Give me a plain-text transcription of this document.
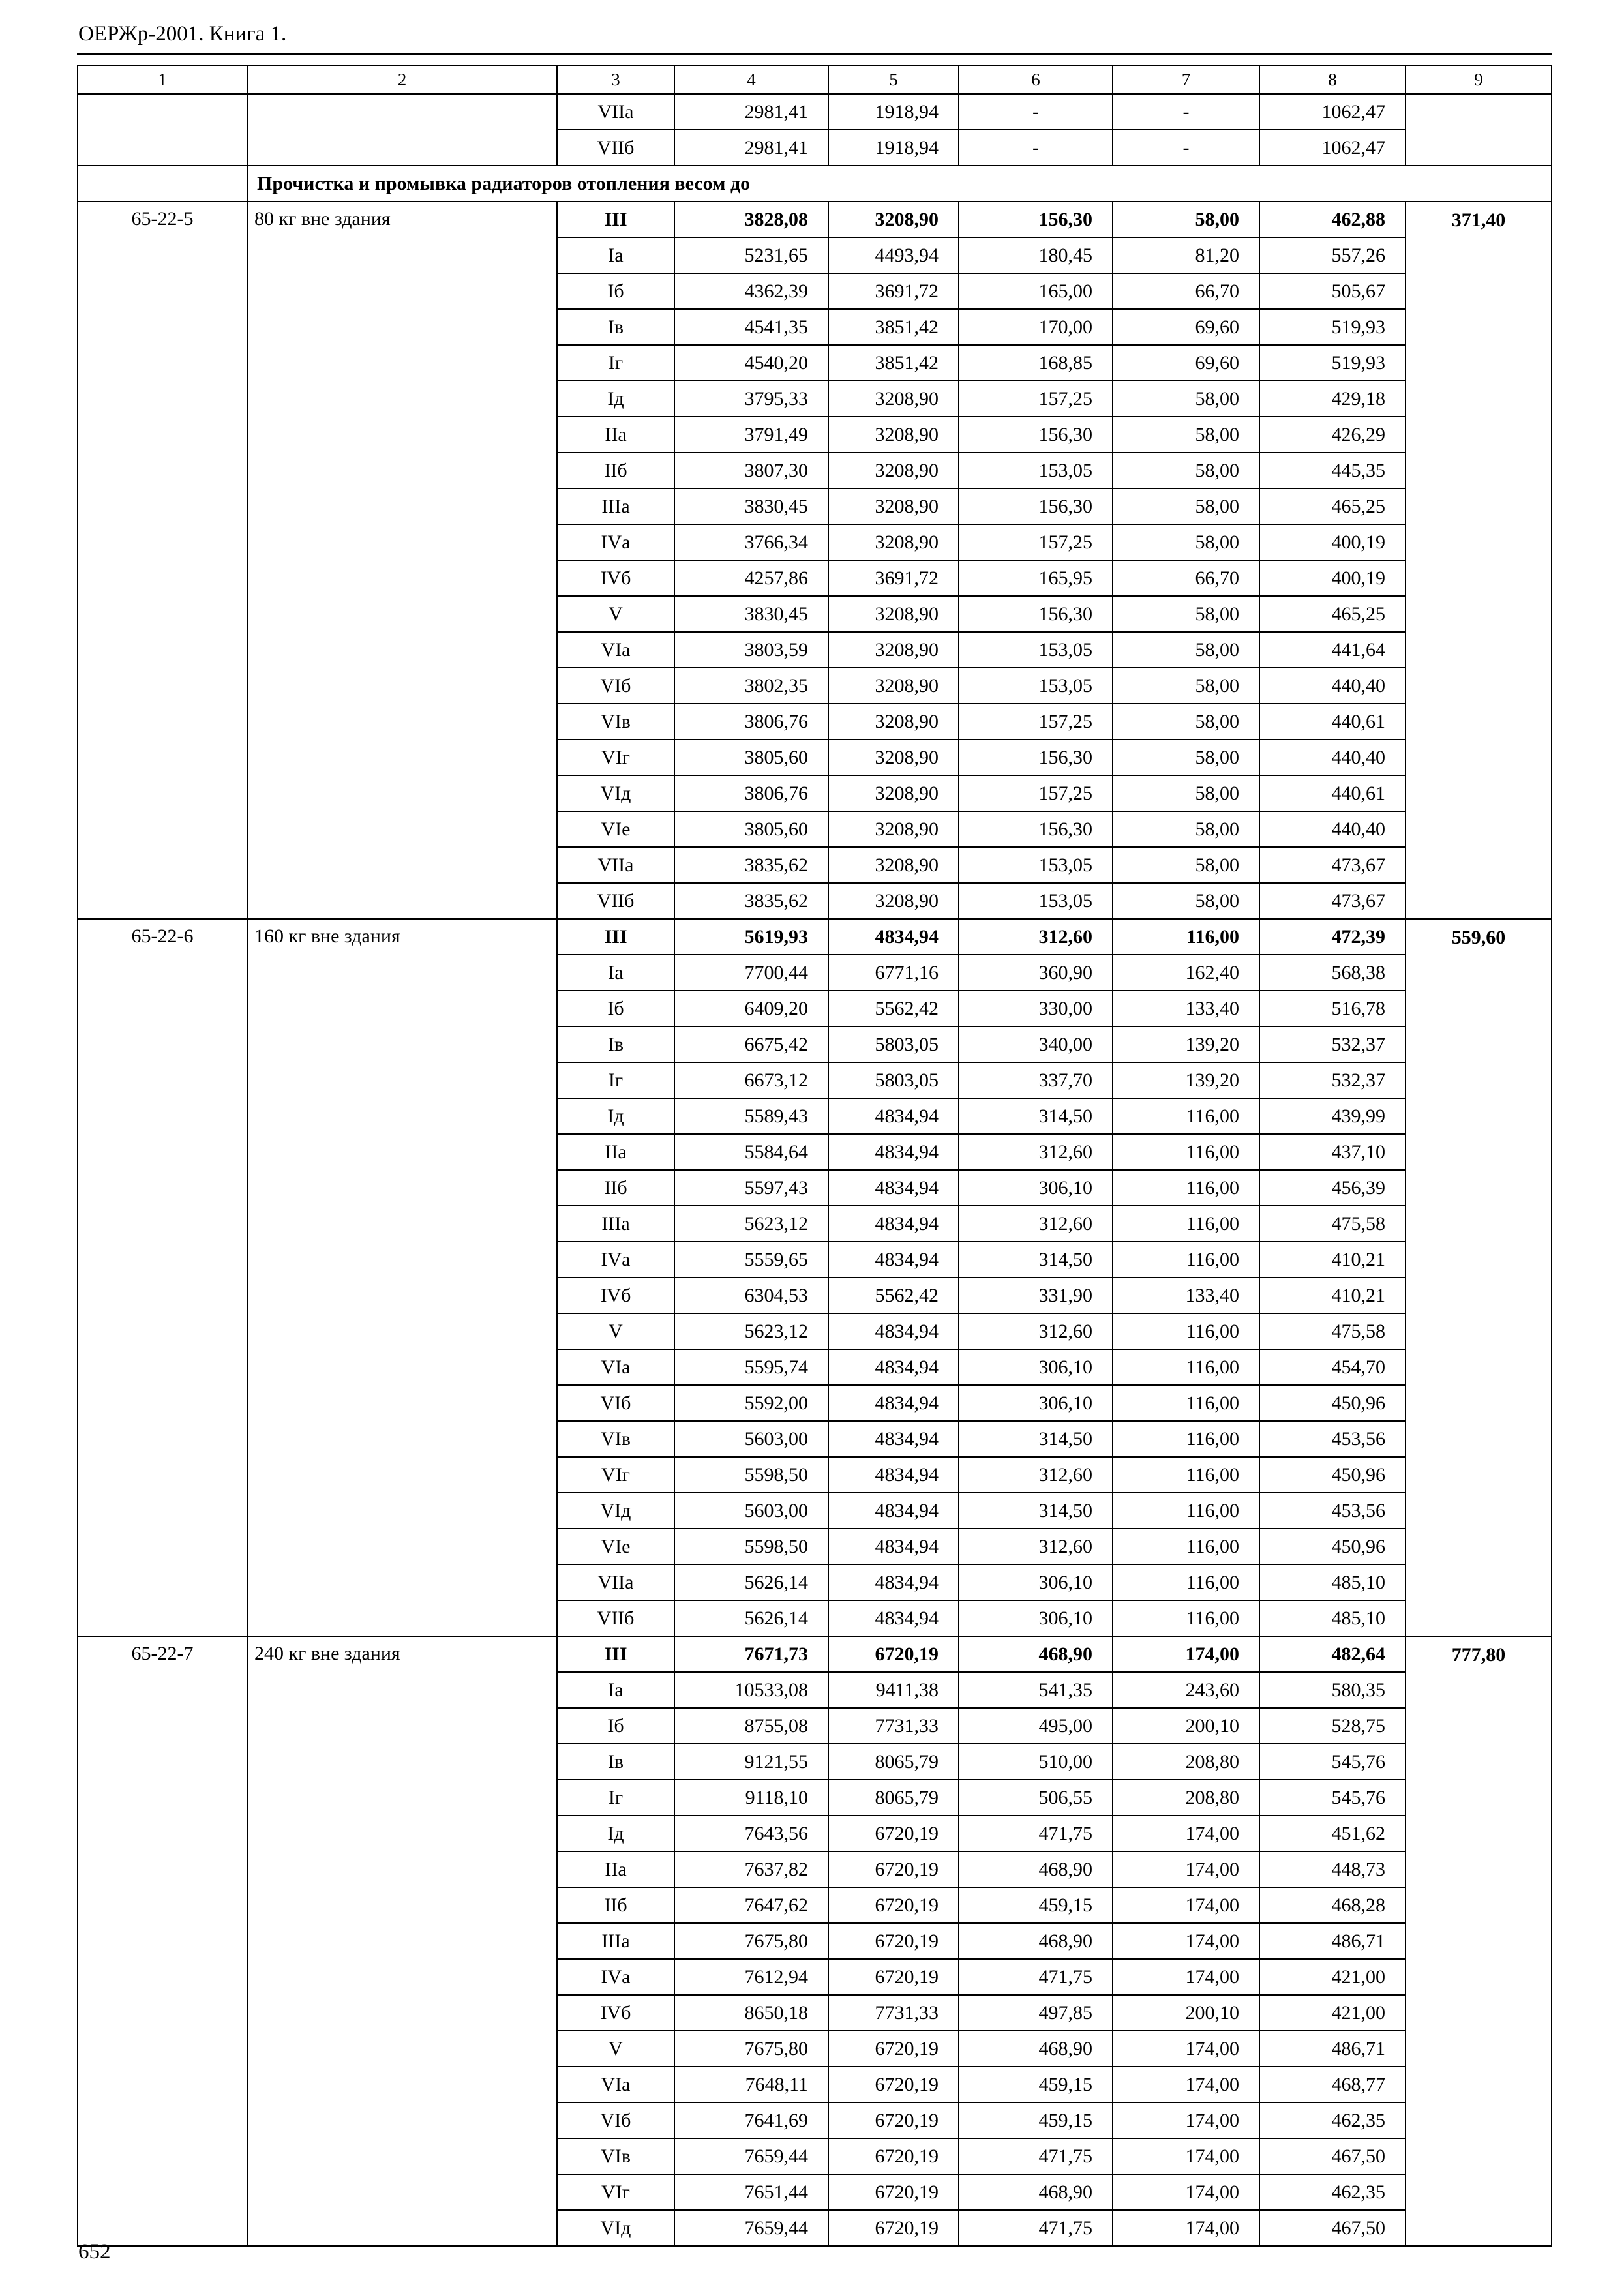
ОЕРЖр-2001. Книга 1.
1	2	3	4	5	6	7	8	9
		VIIа	2981,41	1918,94	-	-	1062,47	
		VIIб	2981,41	1918,94	-	-	1062,47	
	Прочистка и промывка радиаторов отопления весом до							
65-22-5	80 кг вне здания	III	3828,08	3208,90	156,30	58,00	462,88	371,40
		Iа	5231,65	4493,94	180,45	81,20	557,26	
		Iб	4362,39	3691,72	165,00	66,70	505,67	
		Iв	4541,35	3851,42	170,00	69,60	519,93	
		Iг	4540,20	3851,42	168,85	69,60	519,93	
		Iд	3795,33	3208,90	157,25	58,00	429,18	
		IIа	3791,49	3208,90	156,30	58,00	426,29	
		IIб	3807,30	3208,90	153,05	58,00	445,35	
		IIIа	3830,45	3208,90	156,30	58,00	465,25	
		IVа	3766,34	3208,90	157,25	58,00	400,19	
		IVб	4257,86	3691,72	165,95	66,70	400,19	
		V	3830,45	3208,90	156,30	58,00	465,25	
		VIа	3803,59	3208,90	153,05	58,00	441,64	
		VIб	3802,35	3208,90	153,05	58,00	440,40	
		VIв	3806,76	3208,90	157,25	58,00	440,61	
		VIг	3805,60	3208,90	156,30	58,00	440,40	
		VIд	3806,76	3208,90	157,25	58,00	440,61	
		VIе	3805,60	3208,90	156,30	58,00	440,40	
		VIIа	3835,62	3208,90	153,05	58,00	473,67	
		VIIб	3835,62	3208,90	153,05	58,00	473,67	
65-22-6	160 кг вне здания	III	5619,93	4834,94	312,60	116,00	472,39	559,60
		Iа	7700,44	6771,16	360,90	162,40	568,38	
		Iб	6409,20	5562,42	330,00	133,40	516,78	
		Iв	6675,42	5803,05	340,00	139,20	532,37	
		Iг	6673,12	5803,05	337,70	139,20	532,37	
		Iд	5589,43	4834,94	314,50	116,00	439,99	
		IIа	5584,64	4834,94	312,60	116,00	437,10	
		IIб	5597,43	4834,94	306,10	116,00	456,39	
		IIIа	5623,12	4834,94	312,60	116,00	475,58	
		IVа	5559,65	4834,94	314,50	116,00	410,21	
		IVб	6304,53	5562,42	331,90	133,40	410,21	
		V	5623,12	4834,94	312,60	116,00	475,58	
		VIа	5595,74	4834,94	306,10	116,00	454,70	
		VIб	5592,00	4834,94	306,10	116,00	450,96	
		VIв	5603,00	4834,94	314,50	116,00	453,56	
		VIг	5598,50	4834,94	312,60	116,00	450,96	
		VIд	5603,00	4834,94	314,50	116,00	453,56	
		VIе	5598,50	4834,94	312,60	116,00	450,96	
		VIIа	5626,14	4834,94	306,10	116,00	485,10	
		VIIб	5626,14	4834,94	306,10	116,00	485,10	
65-22-7	240 кг вне здания	III	7671,73	6720,19	468,90	174,00	482,64	777,80
		Iа	10533,08	9411,38	541,35	243,60	580,35	
		Iб	8755,08	7731,33	495,00	200,10	528,75	
		Iв	9121,55	8065,79	510,00	208,80	545,76	
		Iг	9118,10	8065,79	506,55	208,80	545,76	
		Iд	7643,56	6720,19	471,75	174,00	451,62	
		IIа	7637,82	6720,19	468,90	174,00	448,73	
		IIб	7647,62	6720,19	459,15	174,00	468,28	
		IIIа	7675,80	6720,19	468,90	174,00	486,71	
		IVа	7612,94	6720,19	471,75	174,00	421,00	
		IVб	8650,18	7731,33	497,85	200,10	421,00	
		V	7675,80	6720,19	468,90	174,00	486,71	
		VIа	7648,11	6720,19	459,15	174,00	468,77	
		VIб	7641,69	6720,19	459,15	174,00	462,35	
		VIв	7659,44	6720,19	471,75	174,00	467,50	
		VIг	7651,44	6720,19	468,90	174,00	462,35	
		VIд	7659,44	6720,19	471,75	174,00	467,50	
652
